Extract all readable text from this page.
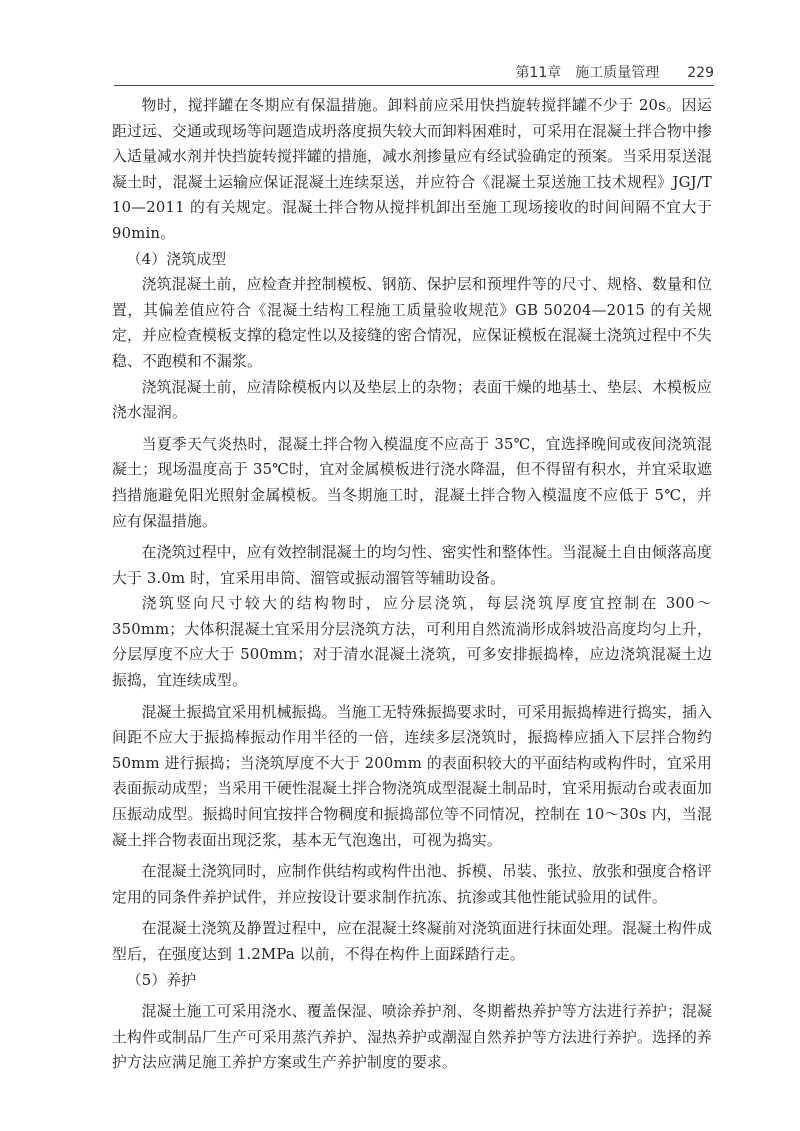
第11章　施工质量管理 229

物时，搅拌罐在冬期应有保温措施。卸料前应采用快挡旋转搅拌罐不少于 20s。因运距过远、交通或现场等问题造成坍落度损失较大而卸料困难时，可采用在混凝土拌合物中掺入适量减水剂并快挡旋转搅拌罐的措施，减水剂掺量应有经试验确定的预案。当采用泵送混凝土时，混凝土运输应保证混凝土连续泵送，并应符合《混凝土泵送施工技术规程》JGJ/T 10—2011 的有关规定。混凝土拌合物从搅拌机卸出至施工现场接收的时间间隔不宜大于 90min。

（4）浇筑成型

浇筑混凝土前，应检查并控制模板、钢筋、保护层和预埋件等的尺寸、规格、数量和位置，其偏差值应符合《混凝土结构工程施工质量验收规范》GB 50204—2015 的有关规定，并应检查模板支撑的稳定性以及接缝的密合情况，应保证模板在混凝土浇筑过程中不失稳、不跑模和不漏浆。

浇筑混凝土前，应清除模板内以及垫层上的杂物；表面干燥的地基土、垫层、木模板应浇水湿润。

当夏季天气炎热时，混凝土拌合物入模温度不应高于 35℃，宜选择晚间或夜间浇筑混凝土；现场温度高于 35℃时，宜对金属模板进行浇水降温，但不得留有积水，并宜采取遮挡措施避免阳光照射金属模板。当冬期施工时，混凝土拌合物入模温度不应低于 5℃，并应有保温措施。

在浇筑过程中，应有效控制混凝土的均匀性、密实性和整体性。当混凝土自由倾落高度大于 3.0m 时，宜采用串筒、溜管或振动溜管等辅助设备。

浇筑竖向尺寸较大的结构物时，应分层浇筑，每层浇筑厚度宜控制在 300～350mm；大体积混凝土宜采用分层浇筑方法，可利用自然流淌形成斜坡沿高度均匀上升，分层厚度不应大于 500mm；对于清水混凝土浇筑，可多安排振捣棒，应边浇筑混凝土边振捣，宜连续成型。

混凝土振捣宜采用机械振捣。当施工无特殊振捣要求时，可采用振捣棒进行捣实，插入间距不应大于振捣棒振动作用半径的一倍，连续多层浇筑时，振捣棒应插入下层拌合物约 50mm 进行振捣；当浇筑厚度不大于 200mm 的表面积较大的平面结构或构件时，宜采用表面振动成型；当采用干硬性混凝土拌合物浇筑成型混凝土制品时，宜采用振动台或表面加压振动成型。振捣时间宜按拌合物稠度和振捣部位等不同情况，控制在 10～30s 内，当混凝土拌合物表面出现泛浆，基本无气泡逸出，可视为捣实。

在混凝土浇筑同时，应制作供结构或构件出池、拆模、吊装、张拉、放张和强度合格评定用的同条件养护试件，并应按设计要求制作抗冻、抗渗或其他性能试验用的试件。

在混凝土浇筑及静置过程中，应在混凝土终凝前对浇筑面进行抹面处理。混凝土构件成型后，在强度达到 1.2MPa 以前，不得在构件上面踩踏行走。

（5）养护

混凝土施工可采用浇水、覆盖保湿、喷涂养护剂、冬期蓄热养护等方法进行养护；混凝土构件或制品厂生产可采用蒸汽养护、湿热养护或潮湿自然养护等方法进行养护。选择的养护方法应满足施工养护方案或生产养护制度的要求。
